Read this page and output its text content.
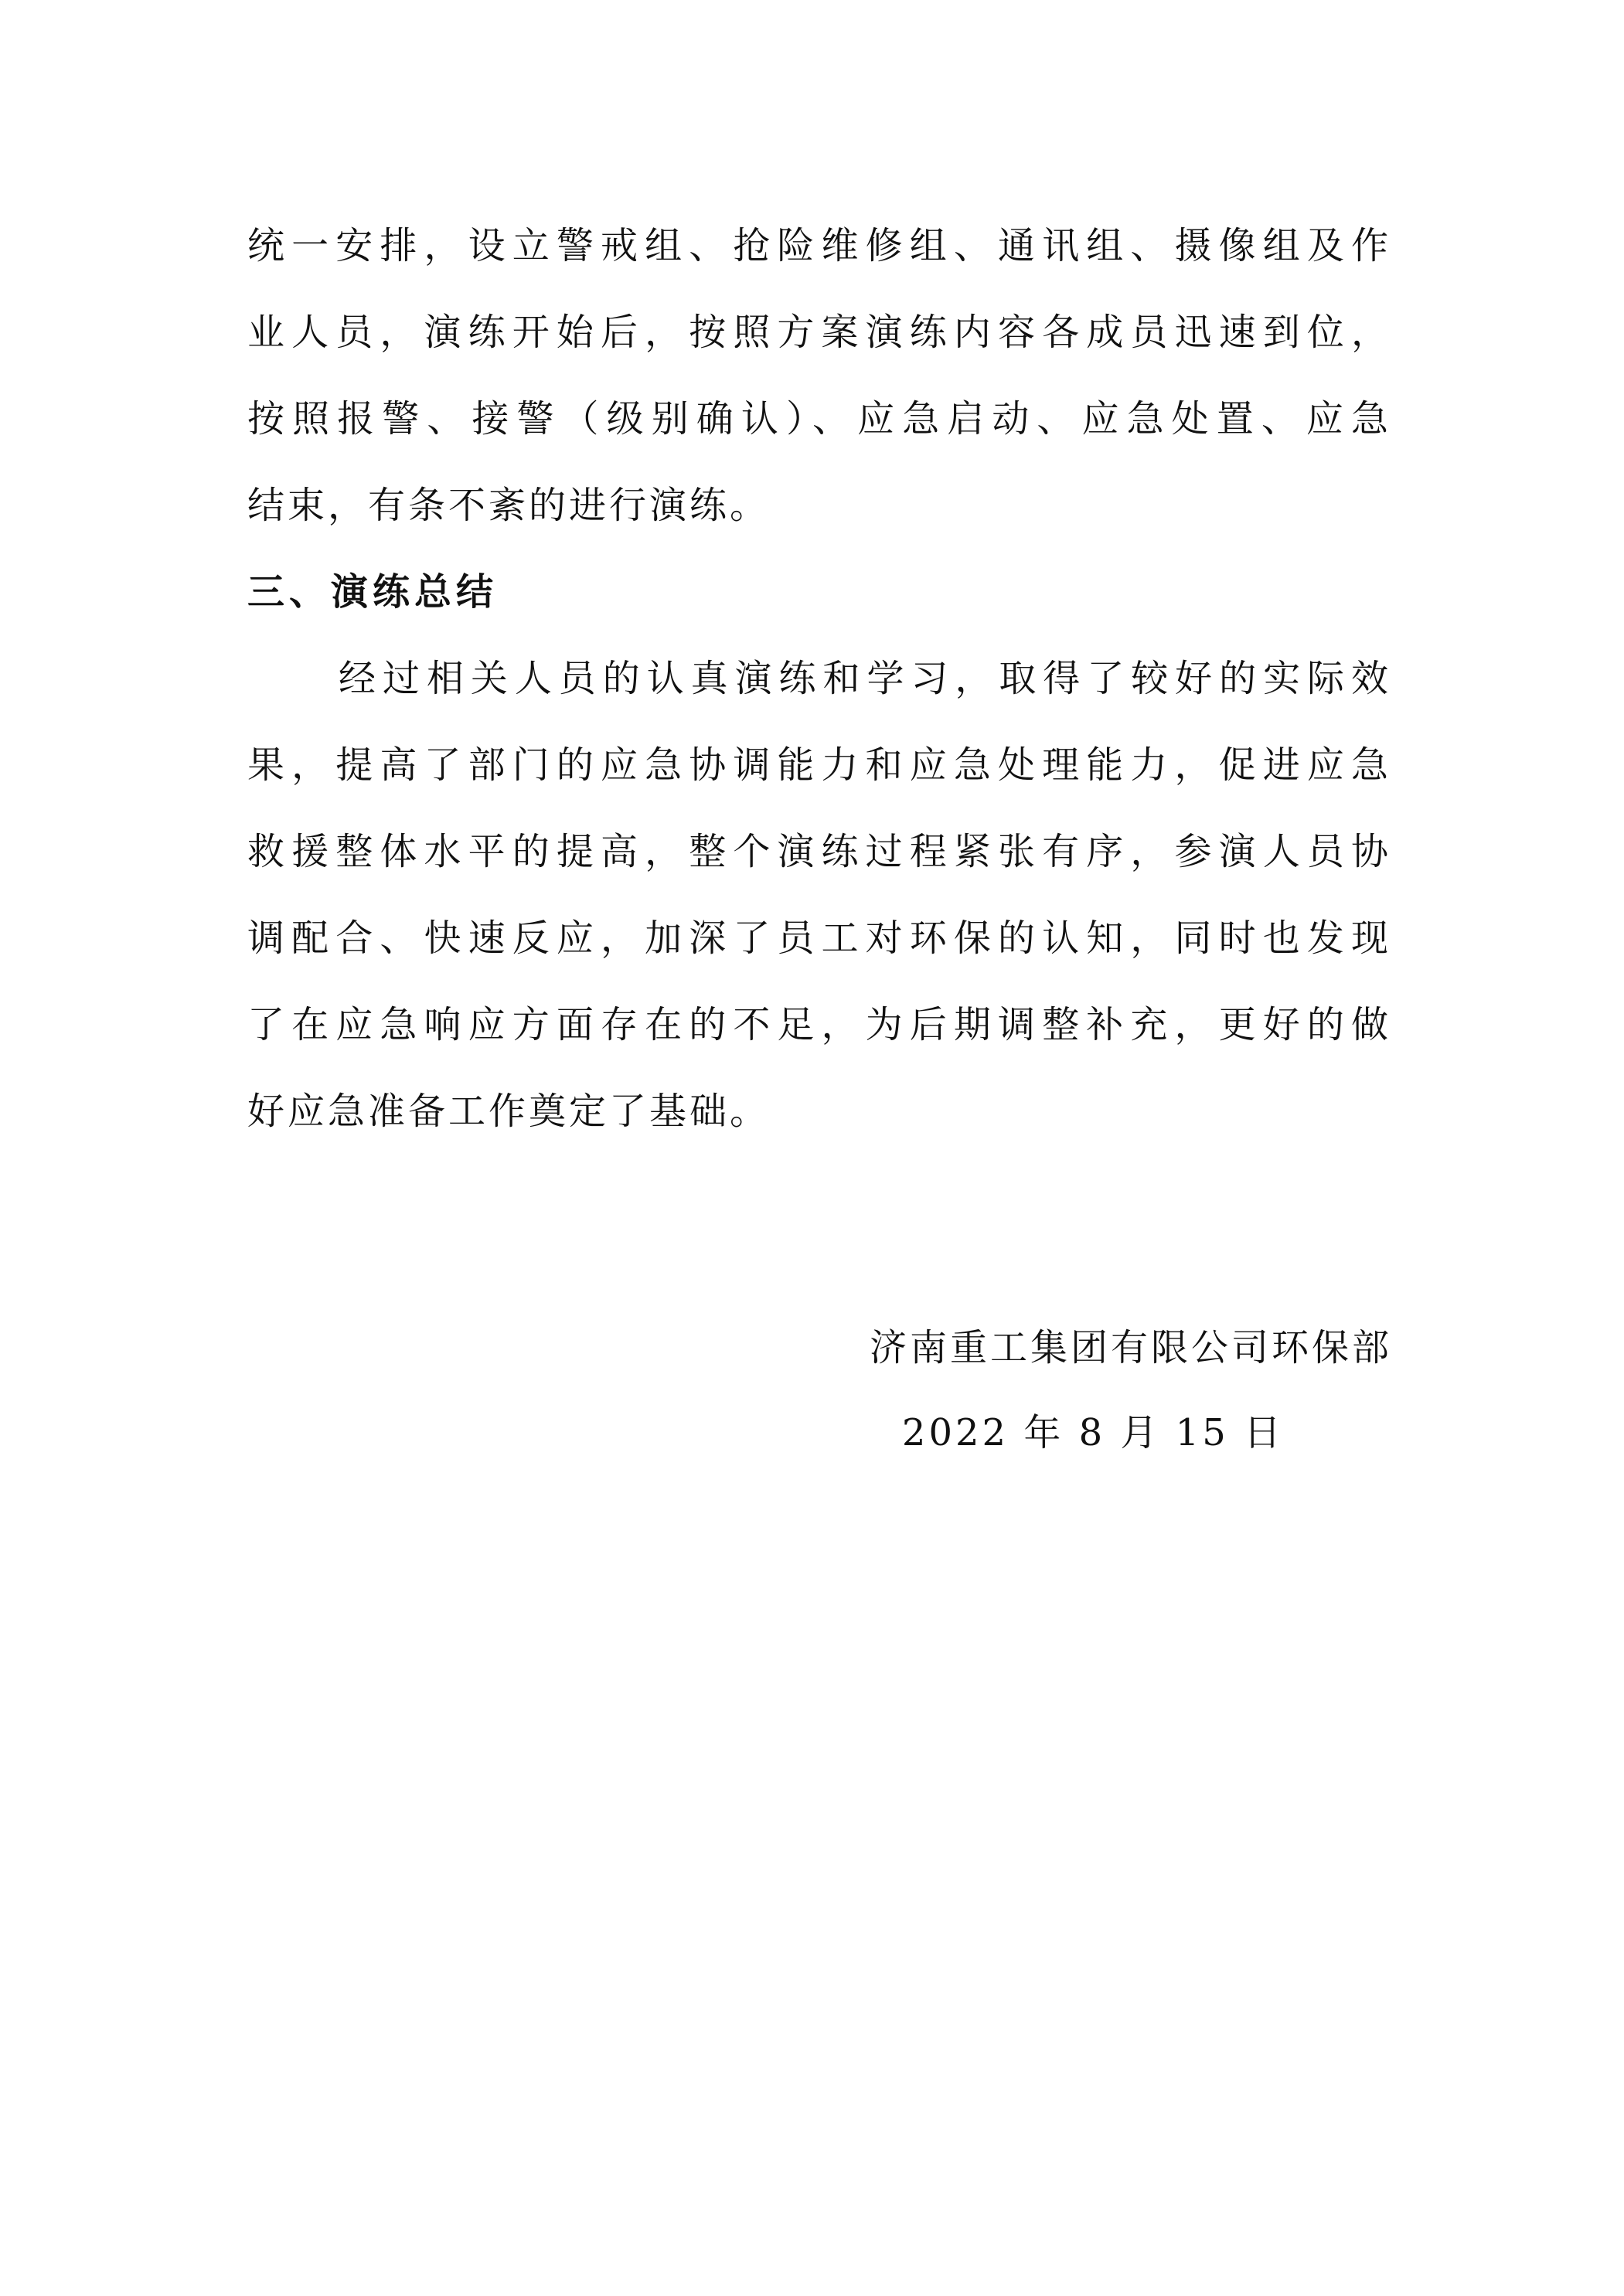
统一安排，设立警戒组、抢险维修组、通讯组、摄像组及作
业人员，演练开始后，按照方案演练内容各成员迅速到位，
按照报警、接警（级别确认）、应急启动、应急处置、应急
结束，有条不紊的进行演练。
三、演练总结
经过相关人员的认真演练和学习，取得了较好的实际效
果，提高了部门的应急协调能力和应急处理能力，促进应急
救援整体水平的提高，整个演练过程紧张有序，参演人员协
调配合、快速反应，加深了员工对环保的认知，同时也发现
了在应急响应方面存在的不足，为后期调整补充，更好的做
好应急准备工作奠定了基础。
济南重工集团有限公司环保部
2022 年 8 月 15 日
